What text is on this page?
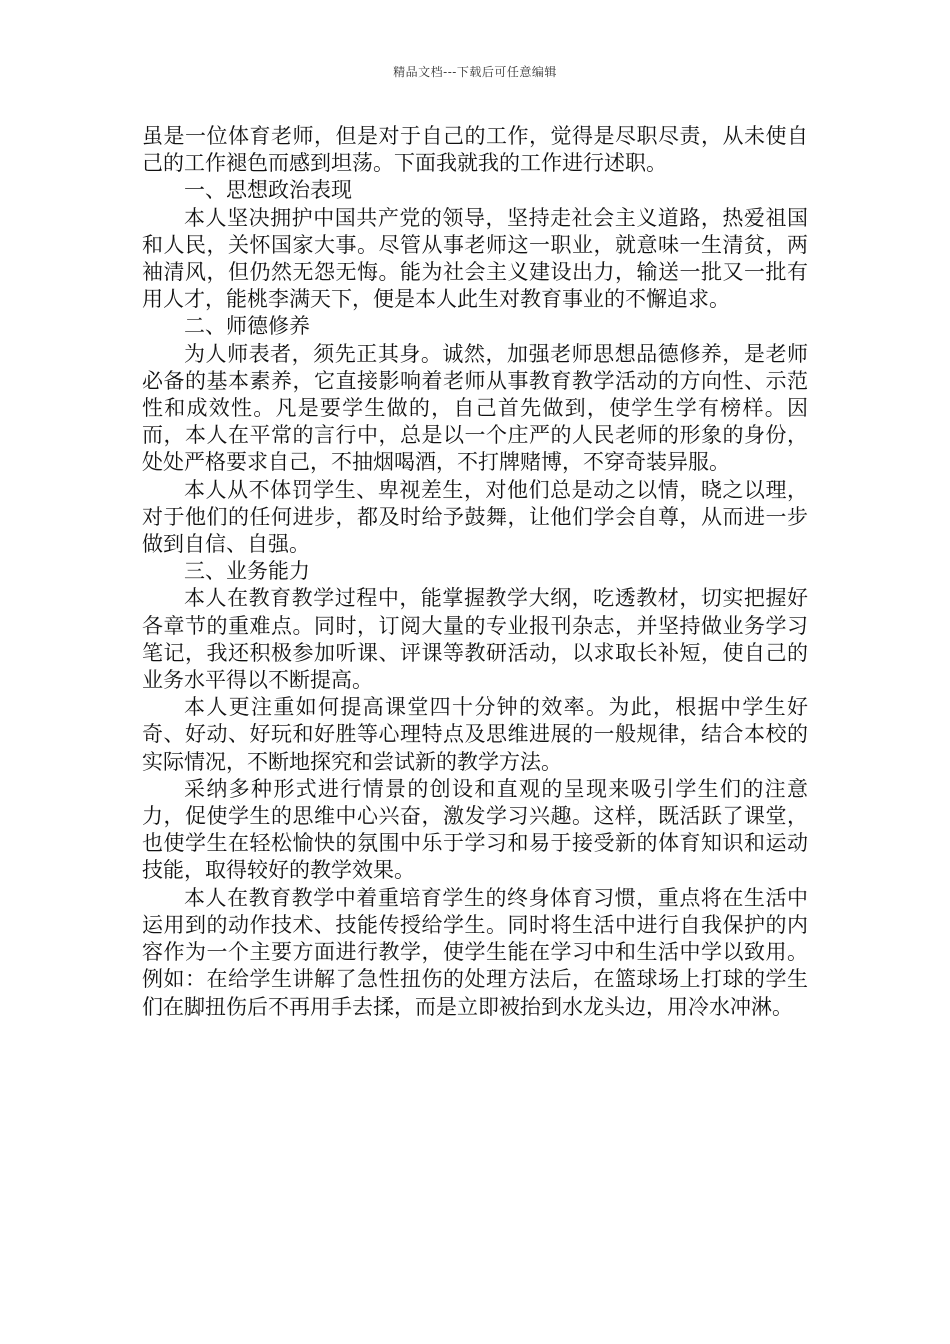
精品文档---下载后可任意编辑

虽是一位体育老师，但是对于自己的工作，觉得是尽职尽责，从未使自己的工作褪色而感到坦荡。下面我就我的工作进行述职。

一、思想政治表现

本人坚决拥护中国共产党的领导，坚持走社会主义道路，热爱祖国和人民，关怀国家大事。尽管从事老师这一职业，就意味一生清贫，两袖清风，但仍然无怨无悔。能为社会主义建设出力，输送一批又一批有用人才，能桃李满天下，便是本人此生对教育事业的不懈追求。

二、师德修养

为人师表者，须先正其身。诚然，加强老师思想品德修养，是老师必备的基本素养，它直接影响着老师从事教育教学活动的方向性、示范性和成效性。凡是要学生做的，自己首先做到，使学生学有榜样。因而，本人在平常的言行中，总是以一个庄严的人民老师的形象的身份，处处严格要求自己，不抽烟喝酒，不打牌赌博，不穿奇装异服。

本人从不体罚学生、卑视差生，对他们总是动之以情，晓之以理，对于他们的任何进步，都及时给予鼓舞，让他们学会自尊，从而进一步做到自信、自强。

三、业务能力

本人在教育教学过程中，能掌握教学大纲，吃透教材，切实把握好各章节的重难点。同时，订阅大量的专业报刊杂志，并坚持做业务学习笔记，我还积极参加听课、评课等教研活动，以求取长补短，使自己的业务水平得以不断提高。

本人更注重如何提高课堂四十分钟的效率。为此，根据中学生好奇、好动、好玩和好胜等心理特点及思维进展的一般规律，结合本校的实际情况，不断地探究和尝试新的教学方法。

采纳多种形式进行情景的创设和直观的呈现来吸引学生们的注意力，促使学生的思维中心兴奋，激发学习兴趣。这样，既活跃了课堂，也使学生在轻松愉快的氛围中乐于学习和易于接受新的体育知识和运动技能，取得较好的教学效果。

本人在教育教学中着重培育学生的终身体育习惯，重点将在生活中运用到的动作技术、技能传授给学生。同时将生活中进行自我保护的内容作为一个主要方面进行教学，使学生能在学习中和生活中学以致用。例如：在给学生讲解了急性扭伤的处理方法后，在篮球场上打球的学生们在脚扭伤后不再用手去揉，而是立即被抬到水龙头边，用冷水冲淋。
